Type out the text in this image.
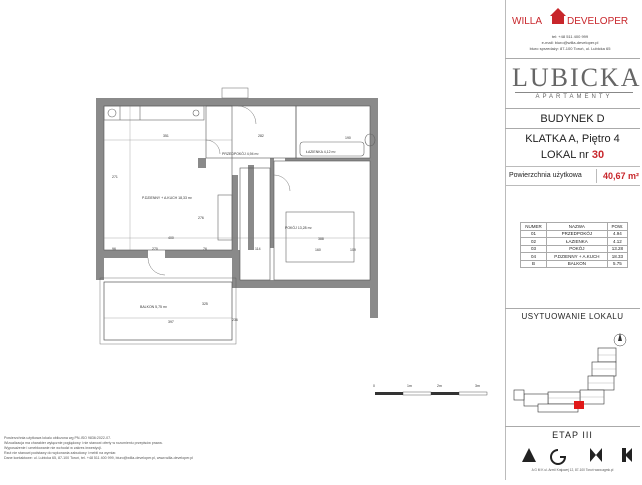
P.DZIENNY + A.KUCH 18,33 m²
PRZEDPOKÓJ 4,94 m²	ŁAZIENKA 4,12 m²
POKÓJ 13,28 m²
BALKON 5,75 m²
351	282	190
271
276
400
96	270	76	114
388
109
160
397
325
236
0	1m	2m	3m
Powierzchnia użytkowa lokalu obliczona wg PN-ISO 9836:2022-07.
Wizualizacja ma charakter wyłącznie poglądowy i nie stanowi oferty w rozumieniu przepisów prawa.
Wyposażenie i umeblowanie nie wchodzi w zakres inwestycji.
Rzut nie stanowi podstawy do wykonania zabudowy i mebli na wymiar.
Dane kontaktowe: ul. Lubicka 65, 87-100 Toruń, tel. +48 511 400 999, biuro@willa-developer.pl, www.willa-developer.pl
WILLA DEVELOPER
tel: +48 511 400 999
e-mail: biuro@willa-developer.pl
biuro sprzedaży: 87-100 Toruń, ul. Lubicka 65
LUBICKA
APARTAMENTY
BUDYNEK D
KLATKA A, Piętro 4
LOKAL nr 30
Powierzchnia użytkowa 40,67 m²
NUMER	NAZWA	POW.
01	PRZEDPOKÓJ	4.94
02	ŁAZIENKA	4.12
03	POKÓJ	13.28
04	P.DZIENNY + A.KUCH	18.33
B	BALKON	5.75
USYTUOWANIE LOKALU
ETAP III
A G M K ul. Armii Krajowej 12, 87-100 Toruń www.agmk.pl
